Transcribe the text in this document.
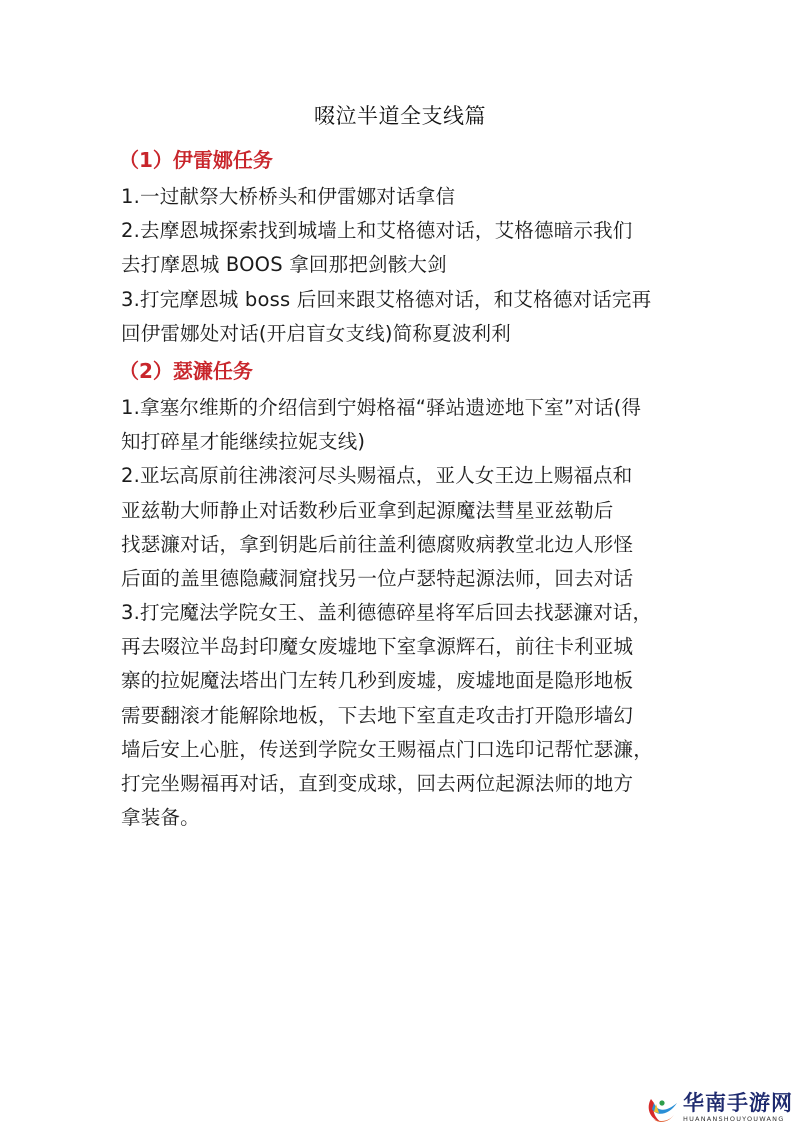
啜泣半道全支线篇
（1）伊雷娜任务
1.一过献祭大桥桥头和伊雷娜对话拿信
2.去摩恩城探索找到城墙上和艾格德对话，艾格德暗示我们
去打摩恩城 BOOS 拿回那把剑骸大剑
3.打完摩恩城 boss 后回来跟艾格德对话，和艾格德对话完再
回伊雷娜处对话(开启盲女支线)简称夏波利利
（2）瑟濂任务
1.拿塞尔维斯的介绍信到宁姆格福“驿站遗迹地下室”对话(得
知打碎星才能继续拉妮支线)
2.亚坛高原前往沸滚河尽头赐福点，亚人女王边上赐福点和
亚兹勒大师静止对话数秒后亚拿到起源魔法彗星亚兹勒后
找瑟濂对话，拿到钥匙后前往盖利德腐败病教堂北边人形怪
后面的盖里德隐藏洞窟找另一位卢瑟特起源法师，回去对话
3.打完魔法学院女王、盖利德德碎星将军后回去找瑟濂对话，
再去啜泣半岛封印魔女废墟地下室拿源辉石，前往卡利亚城
寨的拉妮魔法塔出门左转几秒到废墟，废墟地面是隐形地板
需要翻滚才能解除地板，下去地下室直走攻击打开隐形墙幻
墙后安上心脏，传送到学院女王赐福点门口选印记帮忙瑟濂，
打完坐赐福再对话，直到变成球，回去两位起源法师的地方
拿装备。
华南手游网
HUANANSHOUYOUWANG
